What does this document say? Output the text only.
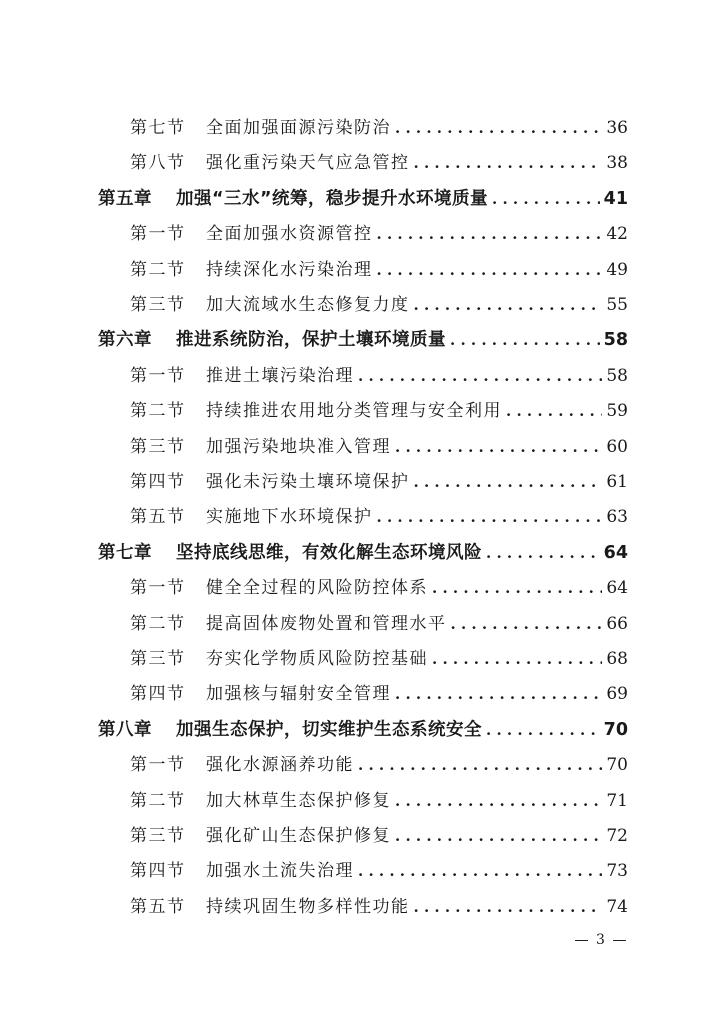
第七节	全面加强面源污染防治 . . .	36
第八节	强化重污染天气应急管控 . . .	38
第五章	加强“三水”统筹，稳步提升水环境质量 . . .	41
第一节	全面加强水资源管控 . . .	42
第二节	持续深化水污染治理 . . .	49
第三节	加大流域水生态修复力度 . . .	55
第六章	推进系统防治，保护土壤环境质量 . . .	58
第一节	推进土壤污染治理 . . .	58
第二节	持续推进农用地分类管理与安全利用 . . .	59
第三节	加强污染地块准入管理 . . .	60
第四节	强化未污染土壤环境保护 . . .	61
第五节	实施地下水环境保护 . . .	63
第七章	坚持底线思维，有效化解生态环境风险 . . .	64
第一节	健全全过程的风险防控体系 . . .	64
第二节	提高固体废物处置和管理水平 . . .	66
第三节	夯实化学物质风险防控基础 . . .	68
第四节	加强核与辐射安全管理 . . .	69
第八章	加强生态保护，切实维护生态系统安全 . . .	70
第一节	强化水源涵养功能 . . .	70
第二节	加大林草生态保护修复 . . .	71
第三节	强化矿山生态保护修复 . . .	72
第四节	加强水土流失治理 . . .	73
第五节	持续巩固生物多样性功能 . . .	74
3
